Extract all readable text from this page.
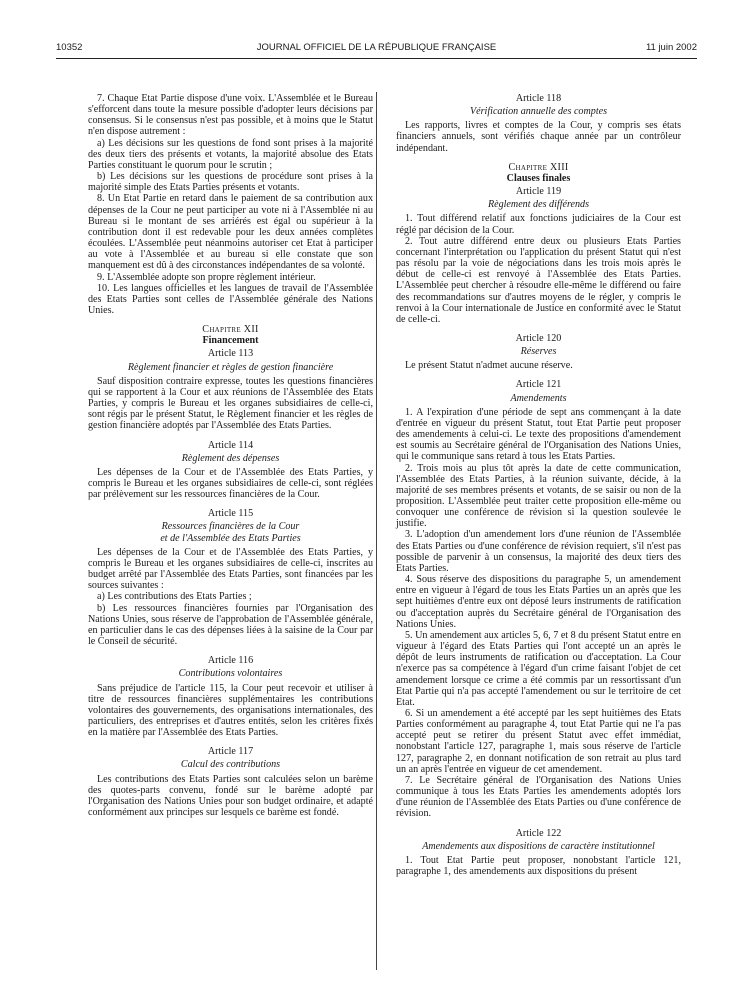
10352	JOURNAL OFFICIEL DE LA RÉPUBLIQUE FRANÇAISE	11 juin 2002

7. Chaque Etat Partie dispose d'une voix. L'Assemblée et le Bureau s'efforcent dans toute la mesure possible d'adopter leurs décisions par consensus. Si le consensus n'est pas possible, et à moins que le Statut n'en dispose autrement :

a) Les décisions sur les questions de fond sont prises à la majorité des deux tiers des présents et votants, la majorité absolue des Etats Parties constituant le quorum pour le scrutin ;

b) Les décisions sur les questions de procédure sont prises à la majorité simple des Etats Parties présents et votants.

8. Un Etat Partie en retard dans le paiement de sa contribution aux dépenses de la Cour ne peut participer au vote ni à l'Assemblée ni au Bureau si le montant de ses arriérés est égal ou supérieur à la contribution dont il est redevable pour les deux années complètes écoulées. L'Assemblée peut néanmoins autoriser cet Etat à participer au vote à l'Assemblée et au bureau si elle constate que son manquement est dû à des circonstances indépendantes de sa volonté.

9. L'Assemblée adopte son propre règlement intérieur.

10. Les langues officielles et les langues de travail de l'Assemblée des Etats Parties sont celles de l'Assemblée générale des Nations Unies.

Chapitre XII

Financement

Article 113

Règlement financier et règles de gestion financière

Sauf disposition contraire expresse, toutes les questions financières qui se rapportent à la Cour et aux réunions de l'Assemblée des Etats Parties, y compris le Bureau et les organes subsidiaires de celle-ci, sont régis par le présent Statut, le Règlement financier et les règles de gestion financière adoptés par l'Assemblée des Etats Parties.

Article 114

Règlement des dépenses

Les dépenses de la Cour et de l'Assemblée des Etats Parties, y compris le Bureau et les organes subsidiaires de celle-ci, sont réglées par prélèvement sur les ressources financières de la Cour.

Article 115

Ressources financières de la Cour

et de l'Assemblée des Etats Parties

Les dépenses de la Cour et de l'Assemblée des Etats Parties, y compris le Bureau et les organes subsidiaires de celle-ci, inscrites au budget arrêté par l'Assemblée des Etats Parties, sont financées par les sources suivantes :

a) Les contributions des Etats Parties ;

b) Les ressources financières fournies par l'Organisation des Nations Unies, sous réserve de l'approbation de l'Assemblée générale, en particulier dans le cas des dépenses liées à la saisine de la Cour par le Conseil de sécurité.

Article 116

Contributions volontaires

Sans préjudice de l'article 115, la Cour peut recevoir et utiliser à titre de ressources financières supplémentaires les contributions volontaires des gouvernements, des organisations internationales, des particuliers, des entreprises et d'autres entités, selon les critères fixés en la matière par l'Assemblée des Etats Parties.

Article 117

Calcul des contributions

Les contributions des Etats Parties sont calculées selon un barème des quotes-parts convenu, fondé sur le barème adopté par l'Organisation des Nations Unies pour son budget ordinaire, et adapté conformément aux principes sur lesquels ce barème est fondé.

Article 118

Vérification annuelle des comptes

Les rapports, livres et comptes de la Cour, y compris ses états financiers annuels, sont vérifiés chaque année par un contrôleur indépendant.

Chapitre XIII

Clauses finales

Article 119

Règlement des différends

1. Tout différend relatif aux fonctions judiciaires de la Cour est réglé par décision de la Cour.

2. Tout autre différend entre deux ou plusieurs Etats Parties concernant l'interprétation ou l'application du présent Statut qui n'est pas résolu par la voie de négociations dans les trois mois après le début de celle-ci est renvoyé à l'Assemblée des Etats Parties. L'Assemblée peut chercher à résoudre elle-même le différend ou faire des recommandations sur d'autres moyens de le régler, y compris le renvoi à la Cour internationale de Justice en conformité avec le Statut de celle-ci.

Article 120

Réserves

Le présent Statut n'admet aucune réserve.

Article 121

Amendements

1. A l'expiration d'une période de sept ans commençant à la date d'entrée en vigueur du présent Statut, tout Etat Partie peut proposer des amendements à celui-ci. Le texte des propositions d'amendement est soumis au Secrétaire général de l'Organisation des Nations Unies, qui le communique sans retard à tous les Etats Parties.

2. Trois mois au plus tôt après la date de cette communication, l'Assemblée des Etats Parties, à la réunion suivante, décide, à la majorité de ses membres présents et votants, de se saisir ou non de la proposition. L'Assemblée peut traiter cette proposition elle-même ou convoquer une conférence de révision si la question soulevée le justifie.

3. L'adoption d'un amendement lors d'une réunion de l'Assemblée des Etats Parties ou d'une conférence de révision requiert, s'il n'est pas possible de parvenir à un consensus, la majorité des deux tiers des Etats Parties.

4. Sous réserve des dispositions du paragraphe 5, un amendement entre en vigueur à l'égard de tous les Etats Parties un an après que les sept huitièmes d'entre eux ont déposé leurs instruments de ratification ou d'acceptation auprès du Secrétaire général de l'Organisation des Nations Unies.

5. Un amendement aux articles 5, 6, 7 et 8 du présent Statut entre en vigueur à l'égard des Etats Parties qui l'ont accepté un an après le dépôt de leurs instruments de ratification ou d'acceptation. La Cour n'exerce pas sa compétence à l'égard d'un crime faisant l'objet de cet amendement lorsque ce crime a été commis par un ressortissant d'un Etat Partie qui n'a pas accepté l'amendement ou sur le territoire de cet Etat.

6. Si un amendement a été accepté par les sept huitièmes des Etats Parties conformément au paragraphe 4, tout Etat Partie qui ne l'a pas accepté peut se retirer du présent Statut avec effet immédiat, nonobstant l'article 127, paragraphe 1, mais sous réserve de l'article 127, paragraphe 2, en donnant notification de son retrait au plus tard un an après l'entrée en vigueur de cet amendement.

7. Le Secrétaire général de l'Organisation des Nations Unies communique à tous les Etats Parties les amendements adoptés lors d'une réunion de l'Assemblée des Etats Parties ou d'une conférence de révision.

Article 122

Amendements aux dispositions de caractère institutionnel

1. Tout Etat Partie peut proposer, nonobstant l'article 121, paragraphe 1, des amendements aux dispositions du présent
